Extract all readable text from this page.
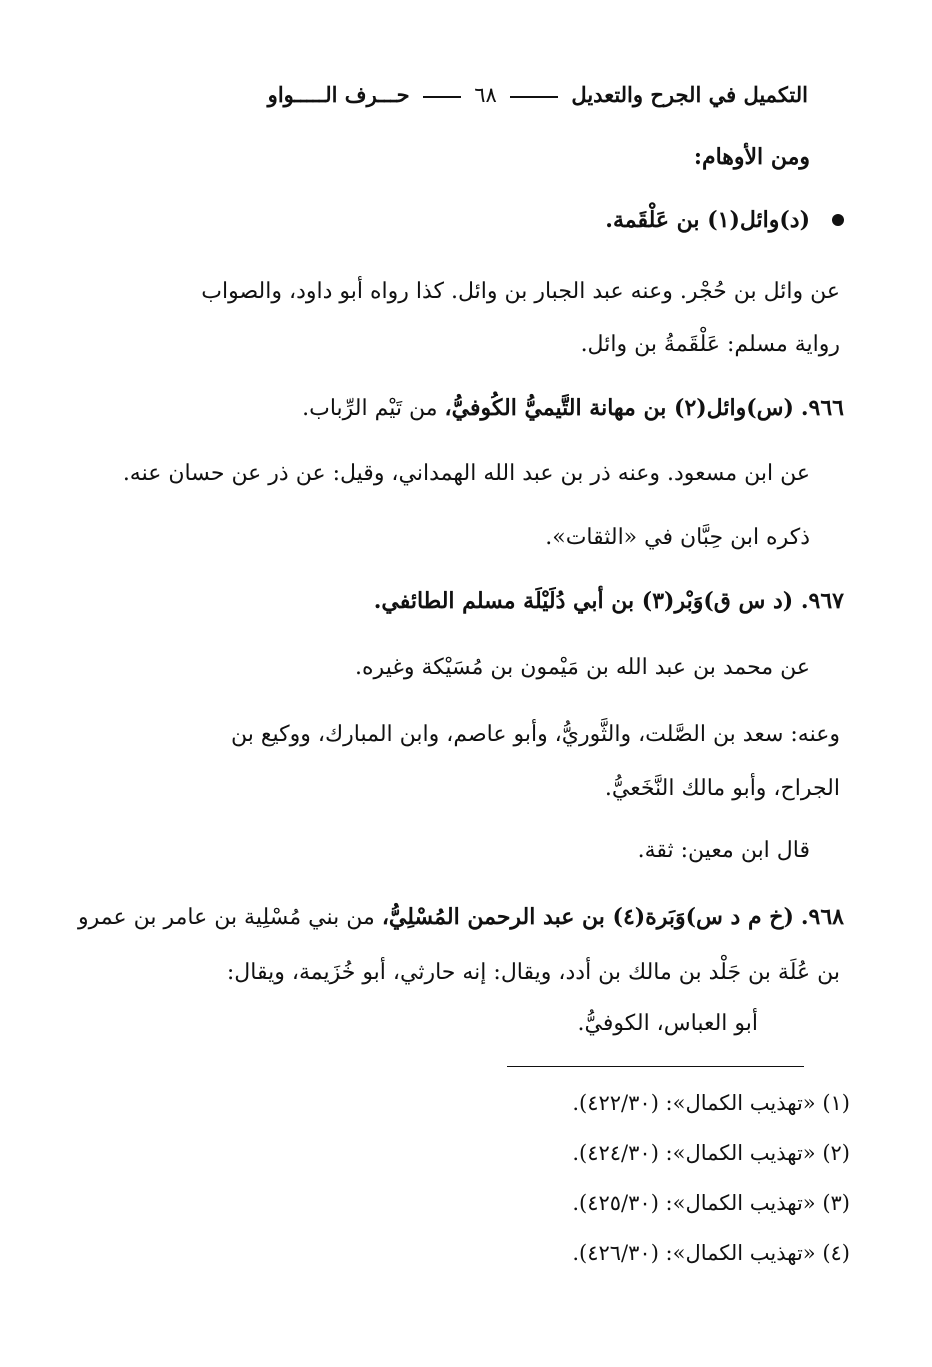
التكميل في الجرح والتعديل  ٦٨  حـــرف الـــــواو
ومن الأوهام:
(د)وائل(١) بن عَلْقَمة.
عن وائل بن حُجْر. وعنه عبد الجبار بن وائل. كذا رواه أبو داود، والصواب
رواية مسلم: عَلْقَمةُ بن وائل.
٩٦٦. (س)وائل(٢) بن مهانة التَّيميُّ الكُوفيُّ، من تَيْم الرِّباب.
عن ابن مسعود. وعنه ذر بن عبد الله الهمداني، وقيل: عن ذر عن حسان عنه.
ذكره ابن حِبَّان في «الثقات».
٩٦٧. (د س ق)وَبْر(٣) بن أبي دُلَيْلَة مسلم الطائفي.
عن محمد بن عبد الله بن مَيْمون بن مُسَيْكة وغيره.
وعنه: سعد بن الصَّلت، والثَّوريُّ، وأبو عاصم، وابن المبارك، ووكيع بن
الجراح، وأبو مالك النَّخَعيُّ.
قال ابن معين: ثقة.
٩٦٨. (خ م د س)وَبَرة(٤) بن عبد الرحمن المُسْلِيُّ، من بني مُسْلِية بن عامر بن عمرو
بن عُلَة بن جَلْد بن مالك بن أدد، ويقال: إنه حارثي، أبو خُزَيمة، ويقال:
أبو العباس، الكوفيُّ.
(١) «تهذيب الكمال»: (٤٢٢/٣٠).
(٢) «تهذيب الكمال»: (٤٢٤/٣٠).
(٣) «تهذيب الكمال»: (٤٢٥/٣٠).
(٤) «تهذيب الكمال»: (٤٢٦/٣٠).
